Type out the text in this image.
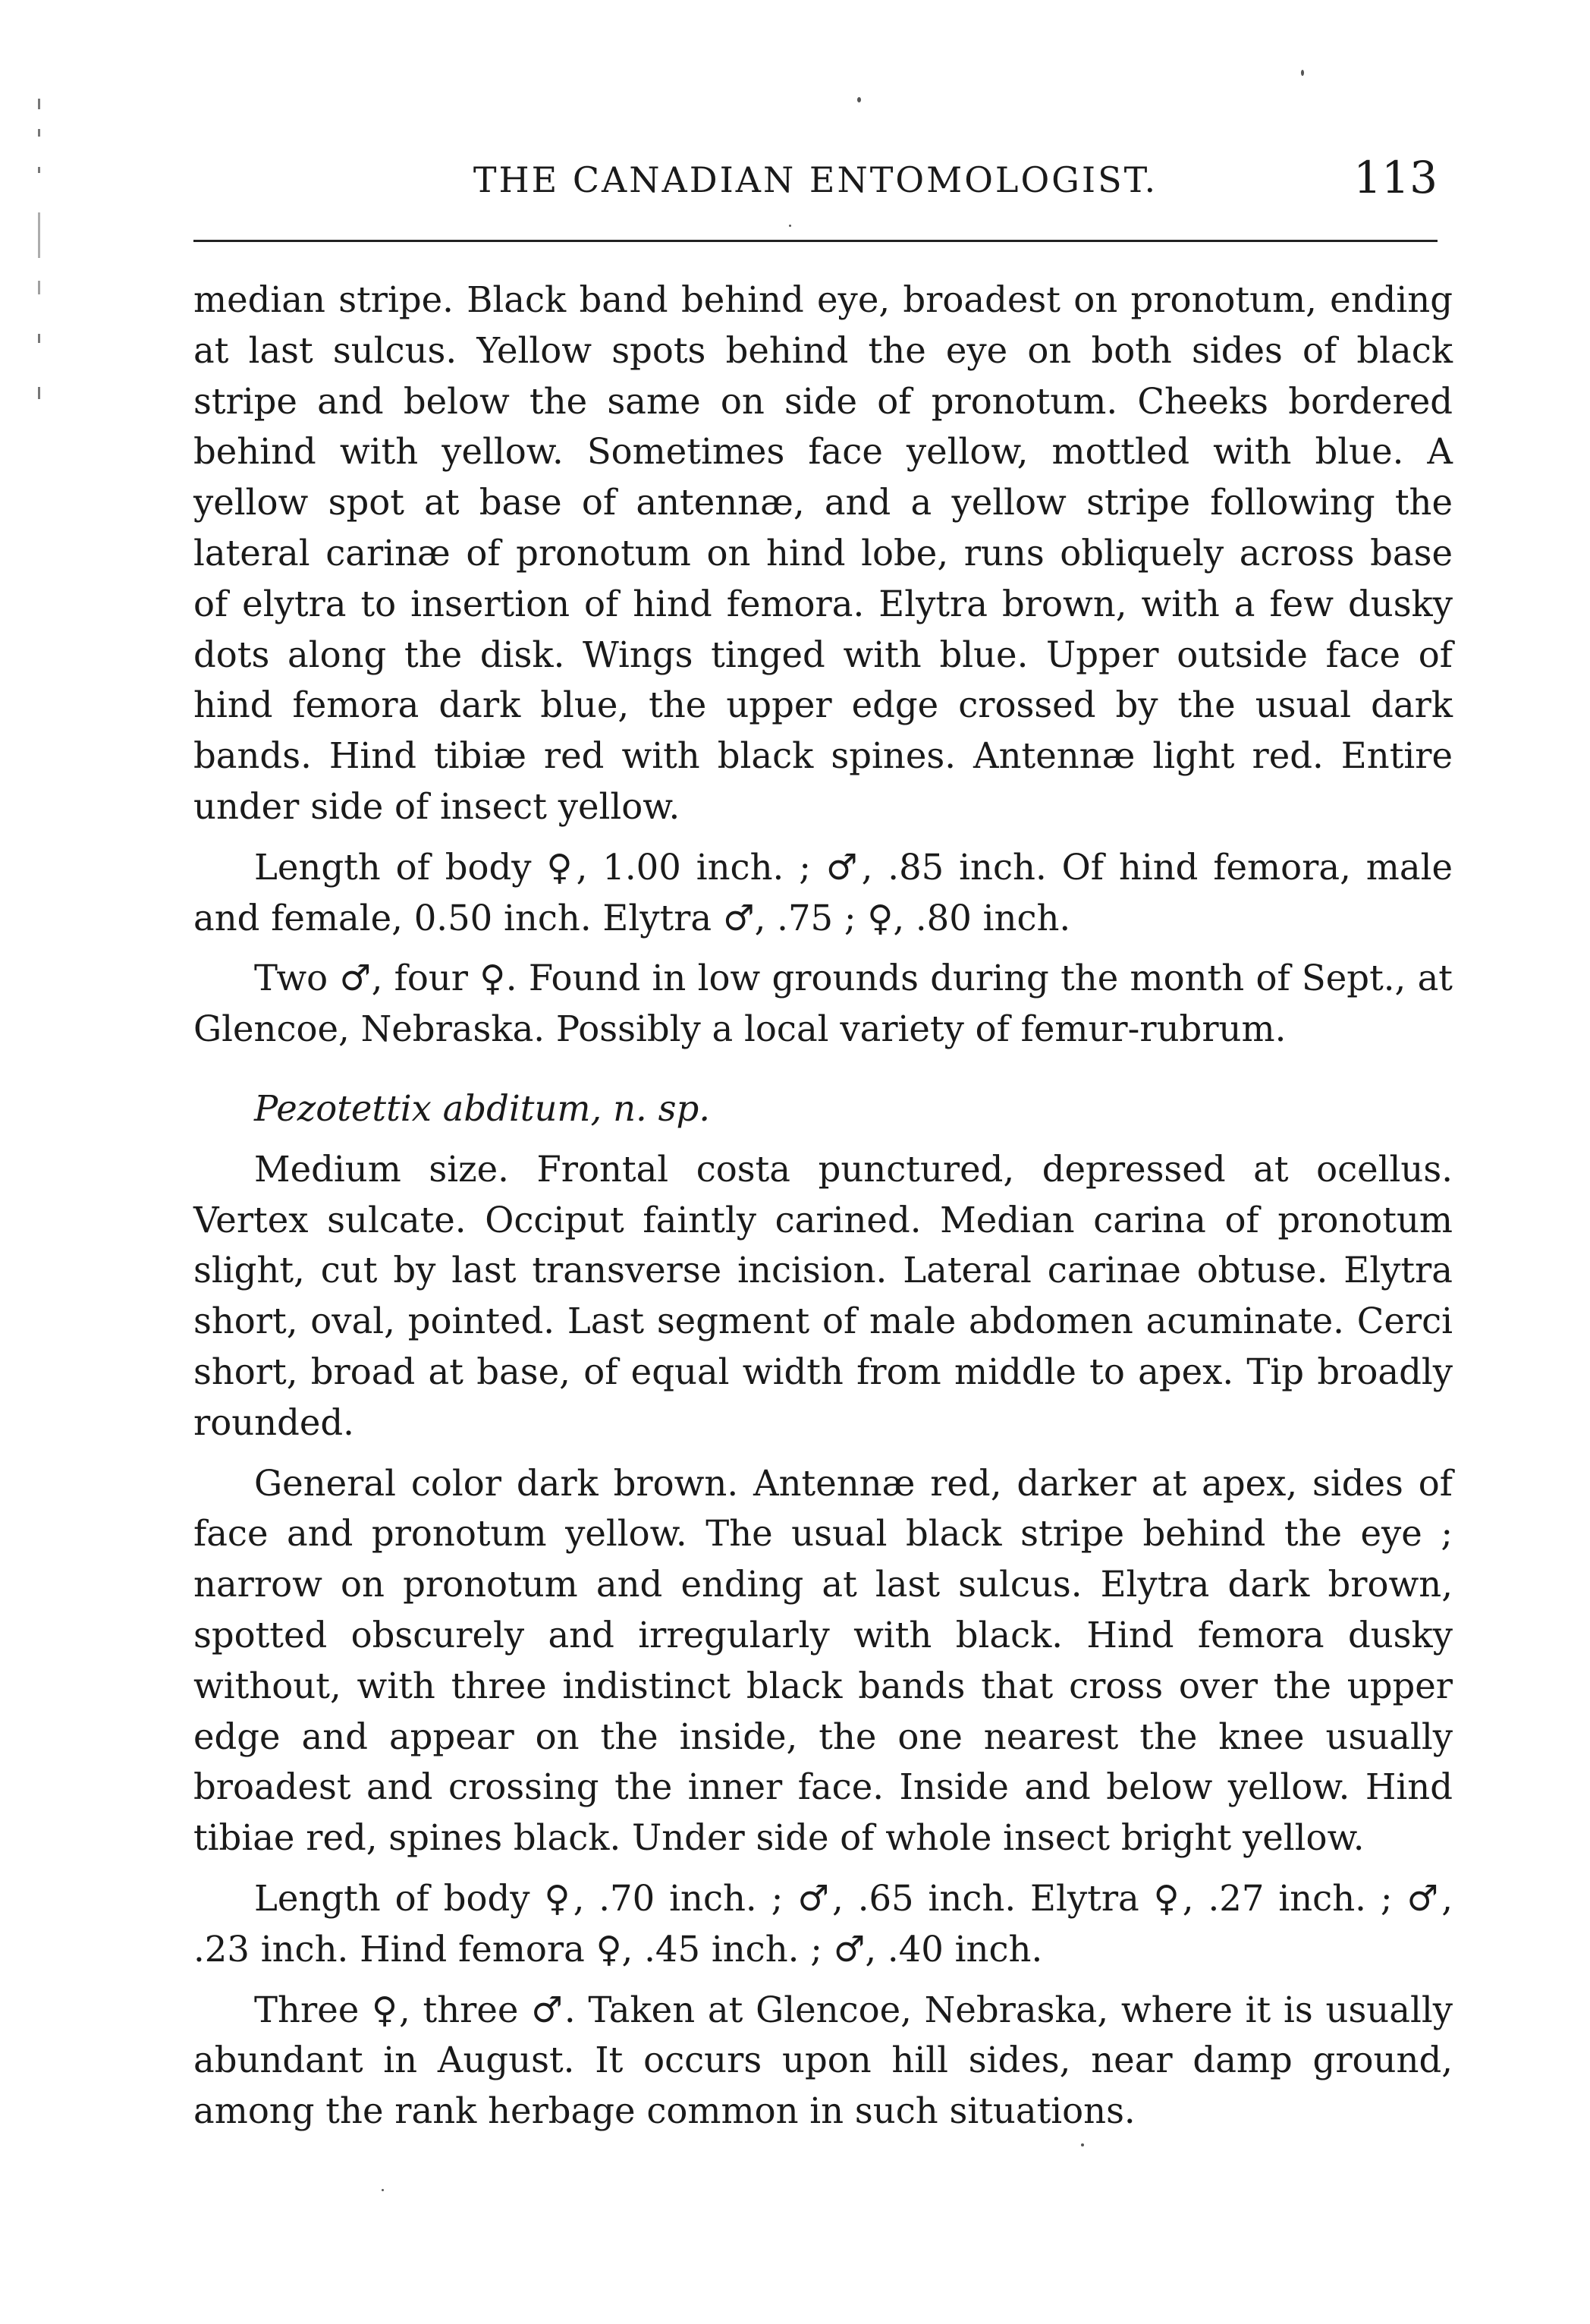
THE CANADIAN ENTOMOLOGIST.	113

median stripe. Black band behind eye, broadest on pronotum, ending at last sulcus. Yellow spots behind the eye on both sides of black stripe and below the same on side of pronotum. Cheeks bordered behind with yellow. Sometimes face yellow, mottled with blue. A yellow spot at base of antennæ, and a yellow stripe following the lateral carinæ of pronotum on hind lobe, runs obliquely across base of elytra to insertion of hind femora. Elytra brown, with a few dusky dots along the disk. Wings tinged with blue. Upper outside face of hind femora dark blue, the upper edge crossed by the usual dark bands. Hind tibiæ red with black spines. Antennæ light red. Entire under side of insect yellow.

Length of body ♀, 1.00 inch. ; ♂, .85 inch. Of hind femora, male and female, 0.50 inch. Elytra ♂, .75 ; ♀, .80 inch.

Two ♂, four ♀. Found in low grounds during the month of Sept., at Glencoe, Nebraska. Possibly a local variety of femur-rubrum.

Pezotettix abditum, n. sp.

Medium size. Frontal costa punctured, depressed at ocellus. Vertex sulcate. Occiput faintly carined. Median carina of pronotum slight, cut by last transverse incision. Lateral carinae obtuse. Elytra short, oval, pointed. Last segment of male abdomen acuminate. Cerci short, broad at base, of equal width from middle to apex. Tip broadly rounded.

General color dark brown. Antennæ red, darker at apex, sides of face and pronotum yellow. The usual black stripe behind the eye ; narrow on pronotum and ending at last sulcus. Elytra dark brown, spotted obscurely and irregularly with black. Hind femora dusky without, with three indistinct black bands that cross over the upper edge and appear on the inside, the one nearest the knee usually broadest and crossing the inner face. Inside and below yellow. Hind tibiae red, spines black. Under side of whole insect bright yellow.

Length of body ♀, .70 inch. ; ♂, .65 inch. Elytra ♀, .27 inch. ; ♂, .23 inch. Hind femora ♀, .45 inch. ; ♂, .40 inch.

Three ♀, three ♂. Taken at Glencoe, Nebraska, where it is usually abundant in August. It occurs upon hill sides, near damp ground, among the rank herbage common in such situations.
